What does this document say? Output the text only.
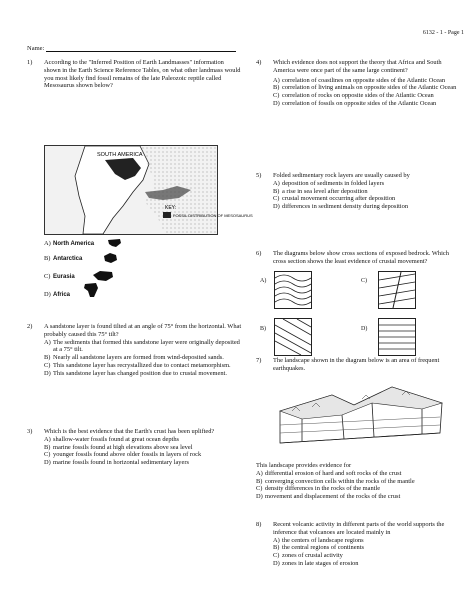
6132 - 1 - Page 1
Name:
1) According to the "Inferred Position of Earth Landmasses" information shown in the Earth Science Reference Tables, on what other landmass would you most likely find fossil remains of the late Paleozoic reptile called Mesosaurus shown below?
SOUTH AMERICA
KEY:
FOSSIL DISTRIBUTION OF MESOSAURUS
A) North America
B) Antarctica
C) Eurasia
D) Africa
2) A sandstone layer is found tilted at an angle of 75° from the horizontal. What probably caused this 75° tilt?
A) The sediments that formed this sandstone layer were originally deposited at a 75° tilt.
B) Nearly all sandstone layers are formed from wind-deposited sands.
C) This sandstone layer has recrystallized due to contact metamorphism.
D) This sandstone layer has changed position due to crustal movement.
3) Which is the best evidence that the Earth's crust has been uplifted?
A) shallow-water fossils found at great ocean depths
B) marine fossils found at high elevations above sea level
C) younger fossils found above older fossils in layers of rock
D) marine fossils found in horizontal sedimentary layers
4) Which evidence does not support the theory that Africa and South America were once part of the same large continent?
A) correlation of coastlines on opposite sides of the Atlantic Ocean
B) correlation of living animals on opposite sides of the Atlantic Ocean
C) correlation of rocks on opposite sides of the Atlantic Ocean
D) correlation of fossils on opposite sides of the Atlantic Ocean
5) Folded sedimentary rock layers are usually caused by
A) deposition of sediments in folded layers
B) a rise in sea level after deposition
C) crustal movement occurring after deposition
D) differences in sediment density during deposition
6) The diagrams below show cross sections of exposed bedrock. Which cross section shows the least evidence of crustal movement?
A)	C)
B)	D)
7) The landscape shown in the diagram below is an area of frequent earthquakes.
This landscape provides evidence for
A) differential erosion of hard and soft rocks of the crust
B) converging convection cells within the rocks of the mantle
C) density differences in the rocks of the mantle
D) movement and displacement of the rocks of the crust
8) Recent volcanic activity in different parts of the world supports the inference that volcanoes are located mainly in
A) the centers of landscape regions
B) the central regions of continents
C) zones of crustal activity
D) zones in late stages of erosion
